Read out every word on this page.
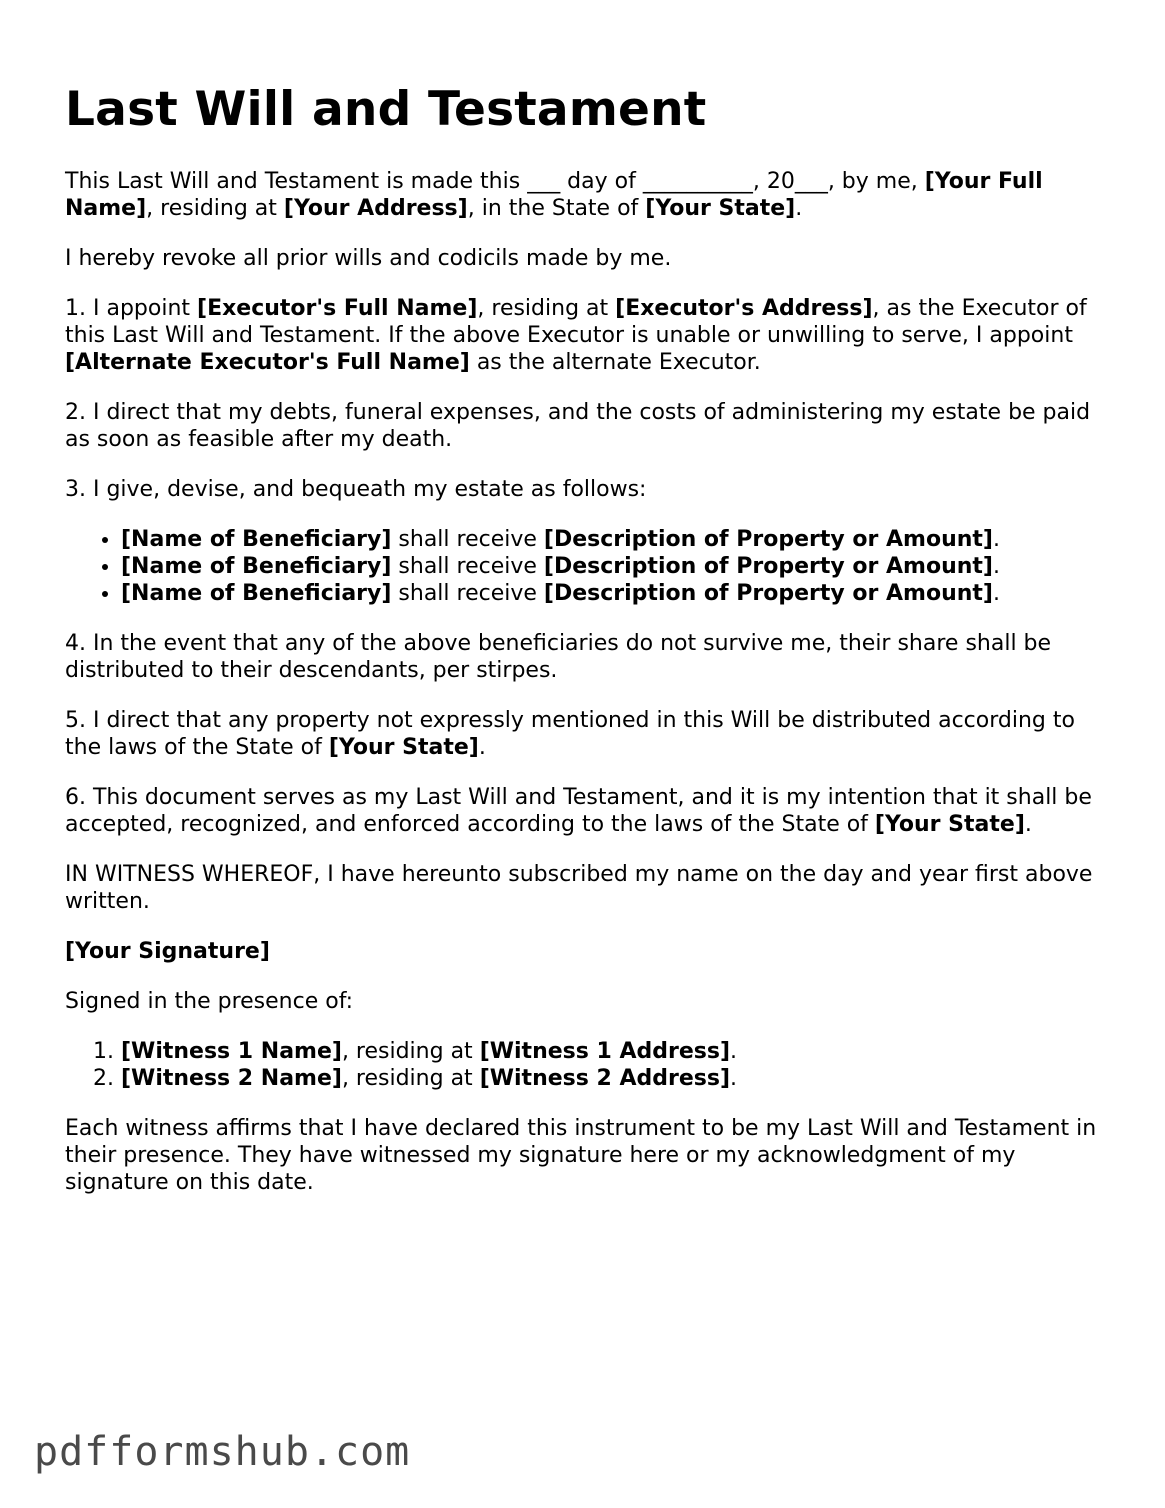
Last Will and Testament

This Last Will and Testament is made this ___ day of __________, 20___, by me, [Your Full Name], residing at [Your Address], in the State of [Your State].

I hereby revoke all prior wills and codicils made by me.

1. I appoint [Executor's Full Name], residing at [Executor's Address], as the Executor of this Last Will and Testament. If the above Executor is unable or unwilling to serve, I appoint [Alternate Executor's Full Name] as the alternate Executor.

2. I direct that my debts, funeral expenses, and the costs of administering my estate be paid as soon as feasible after my death.

3. I give, devise, and bequeath my estate as follows:

• [Name of Beneficiary] shall receive [Description of Property or Amount].
• [Name of Beneficiary] shall receive [Description of Property or Amount].
• [Name of Beneficiary] shall receive [Description of Property or Amount].

4. In the event that any of the above beneficiaries do not survive me, their share shall be distributed to their descendants, per stirpes.

5. I direct that any property not expressly mentioned in this Will be distributed according to the laws of the State of [Your State].

6. This document serves as my Last Will and Testament, and it is my intention that it shall be accepted, recognized, and enforced according to the laws of the State of [Your State].

IN WITNESS WHEREOF, I have hereunto subscribed my name on the day and year first above written.

[Your Signature]

Signed in the presence of:

1. [Witness 1 Name], residing at [Witness 1 Address].
2. [Witness 2 Name], residing at [Witness 2 Address].

Each witness affirms that I have declared this instrument to be my Last Will and Testament in their presence. They have witnessed my signature here or my acknowledgment of my signature on this date.

pdfformshub.com
